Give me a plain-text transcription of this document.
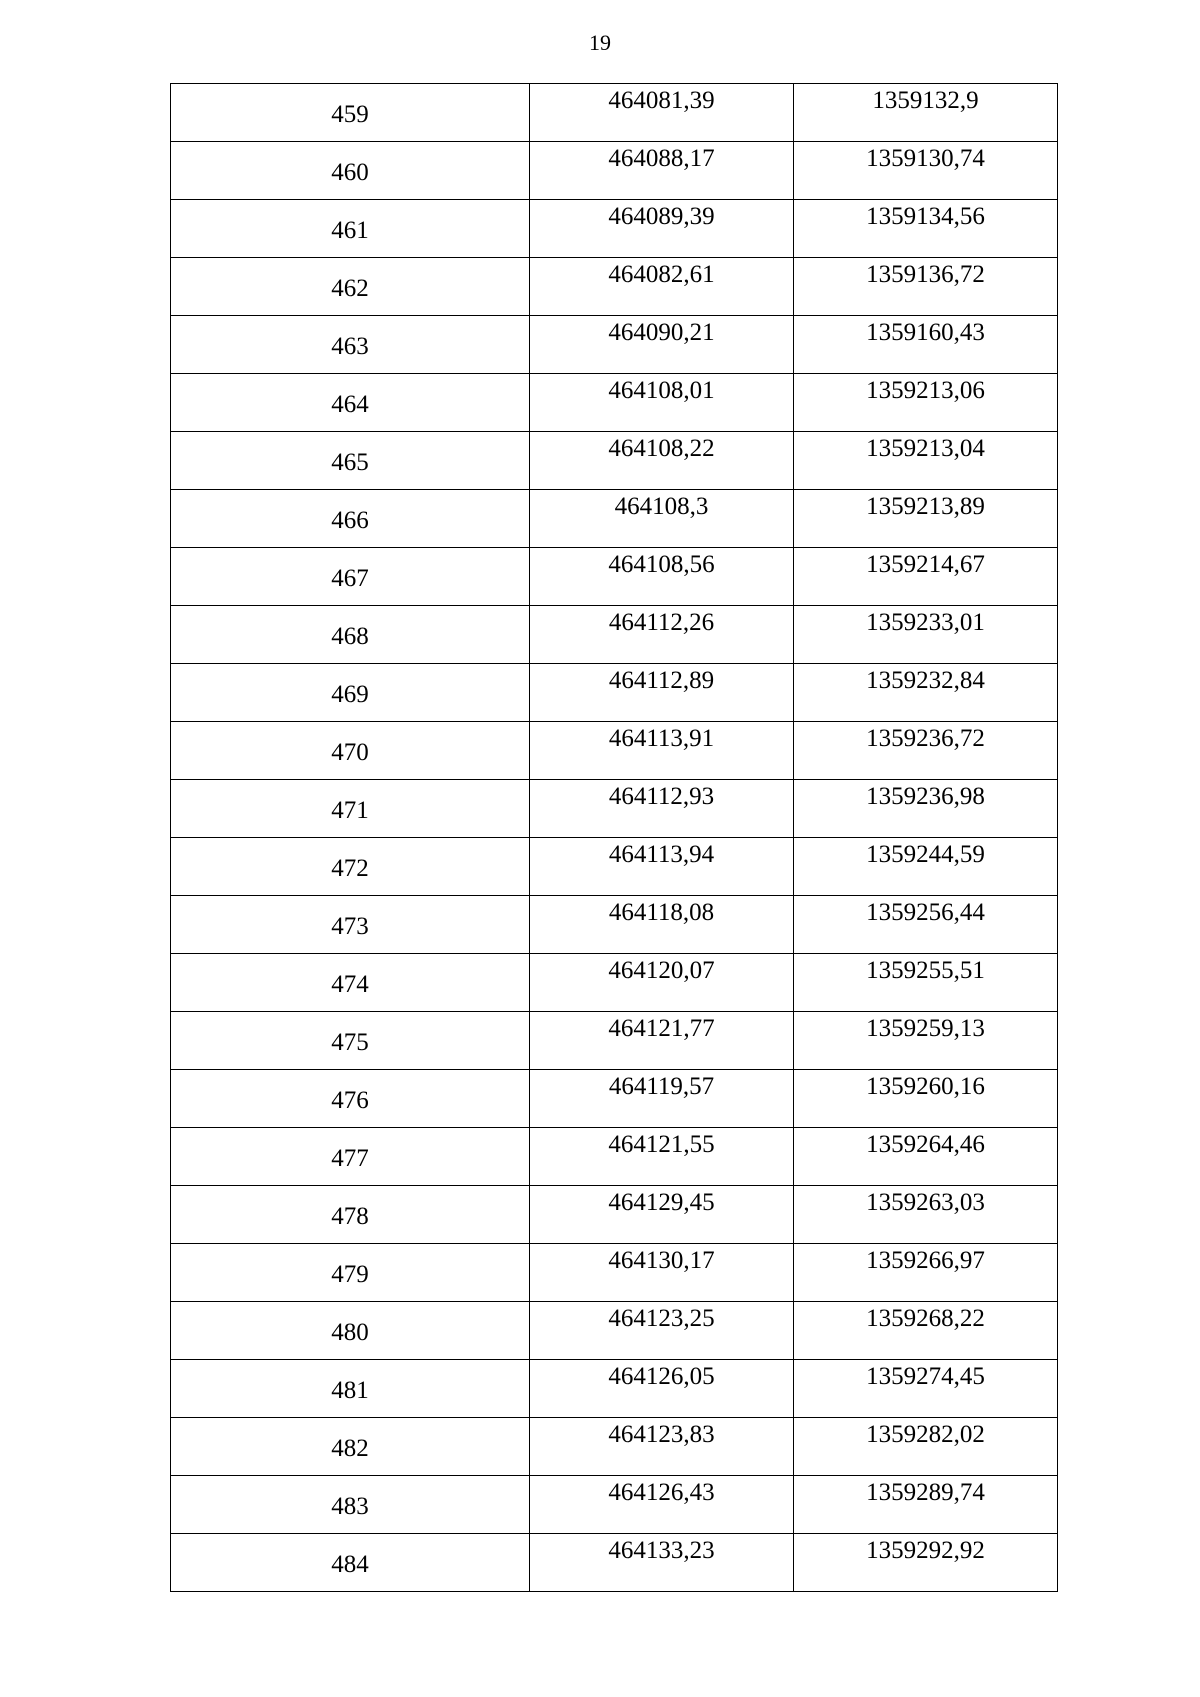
19
459	464081,39	1359132,9
460	464088,17	1359130,74
461	464089,39	1359134,56
462	464082,61	1359136,72
463	464090,21	1359160,43
464	464108,01	1359213,06
465	464108,22	1359213,04
466	464108,3	1359213,89
467	464108,56	1359214,67
468	464112,26	1359233,01
469	464112,89	1359232,84
470	464113,91	1359236,72
471	464112,93	1359236,98
472	464113,94	1359244,59
473	464118,08	1359256,44
474	464120,07	1359255,51
475	464121,77	1359259,13
476	464119,57	1359260,16
477	464121,55	1359264,46
478	464129,45	1359263,03
479	464130,17	1359266,97
480	464123,25	1359268,22
481	464126,05	1359274,45
482	464123,83	1359282,02
483	464126,43	1359289,74
484	464133,23	1359292,92
